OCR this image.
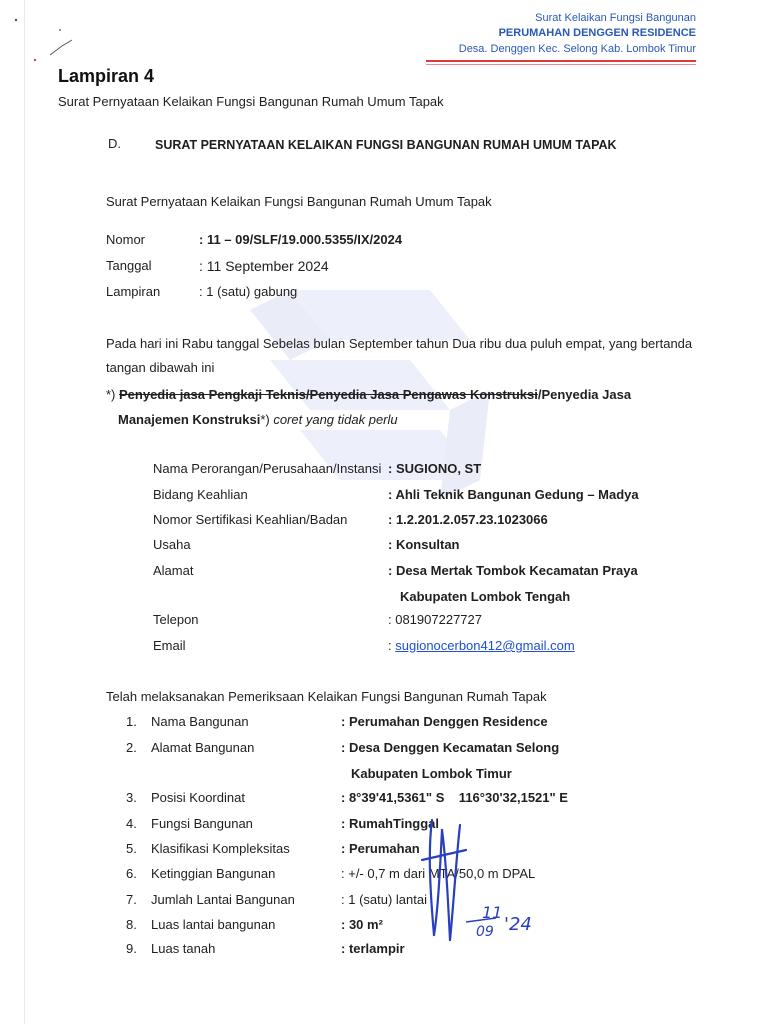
Surat Kelaikan Fungsi Bangunan
PERUMAHAN DENGGEN RESIDENCE
Desa. Denggen Kec. Selong Kab. Lombok Timur
Lampiran 4
Surat Pernyataan Kelaikan Fungsi Bangunan Rumah Umum Tapak
D.	SURAT PERNYATAAN KELAIKAN FUNGSI BANGUNAN RUMAH UMUM TAPAK
Surat Pernyataan Kelaikan Fungsi Bangunan Rumah Umum Tapak
Nomor	: 11 – 09/SLF/19.000.5355/IX/2024
Tanggal	: 11 September 2024
Lampiran	: 1 (satu) gabung
Pada hari ini Rabu tanggal Sebelas bulan September tahun Dua ribu dua puluh empat, yang bertanda
tangan dibawah ini
*) Penyedia jasa Pengkaji Teknis/Penyedia Jasa Pengawas Konstruksi/Penyedia Jasa
Manajemen Konstruksi*) coret yang tidak perlu
Nama Perorangan/Perusahaan/Instansi : SUGIONO, ST
Bidang Keahlian	: Ahli Teknik Bangunan Gedung – Madya
Nomor Sertifikasi Keahlian/Badan	: 1.2.201.2.057.23.1023066
Usaha	: Konsultan
Alamat	: Desa Mertak Tombok Kecamatan Praya
Kabupaten Lombok Tengah
Telepon	: 081907227727
Email	: sugionocerbon412@gmail.com
Telah melaksanakan Pemeriksaan Kelaikan Fungsi Bangunan Rumah Tapak
1. Nama Bangunan	: Perumahan Denggen Residence
2. Alamat Bangunan	: Desa Denggen Kecamatan Selong
Kabupaten Lombok Timur
3. Posisi Koordinat	: 8°39'41,5361" S    116°30'32,1521" E
4. Fungsi Bangunan	: RumahTinggal
5. Klasifikasi Kompleksitas	: Perumahan
6. Ketinggian Bangunan	: +/- 0,7 m dari MTA/50,0 m DPAL
7. Jumlah Lantai Bangunan	: 1 (satu) lantai
8. Luas lantai bangunan	: 30 m²
9. Luas tanah	: terlampir
11
09 '24
